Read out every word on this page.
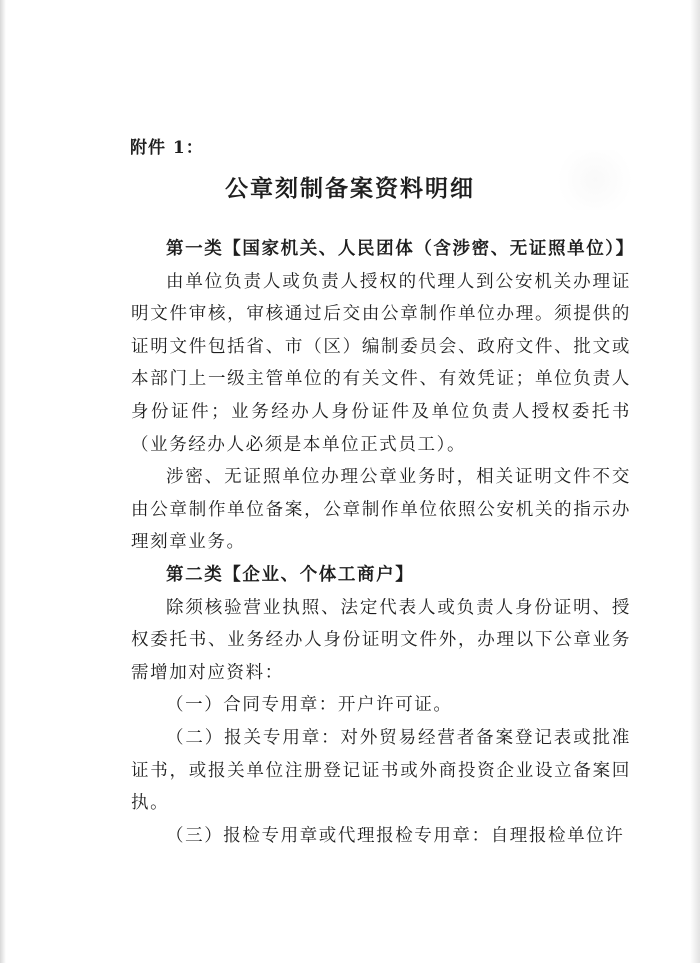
附件 1：
公章刻制备案资料明细

第一类【国家机关、人民团体（含涉密、无证照单位）】

由单位负责人或负责人授权的代理人到公安机关办理证明文件审核，审核通过后交由公章制作单位办理。须提供的证明文件包括省、市（区）编制委员会、政府文件、批文或本部门上一级主管单位的有关文件、有效凭证；单位负责人身份证件；业务经办人身份证件及单位负责人授权委托书（业务经办人必须是本单位正式员工）。

涉密、无证照单位办理公章业务时，相关证明文件不交由公章制作单位备案，公章制作单位依照公安机关的指示办理刻章业务。

第二类【企业、个体工商户】

除须核验营业执照、法定代表人或负责人身份证明、授权委托书、业务经办人身份证明文件外，办理以下公章业务需增加对应资料：

（一）合同专用章：开户许可证。

（二）报关专用章：对外贸易经营者备案登记表或批准证书，或报关单位注册登记证书或外商投资企业设立备案回执。

（三）报检专用章或代理报检专用章：自理报检单位许
